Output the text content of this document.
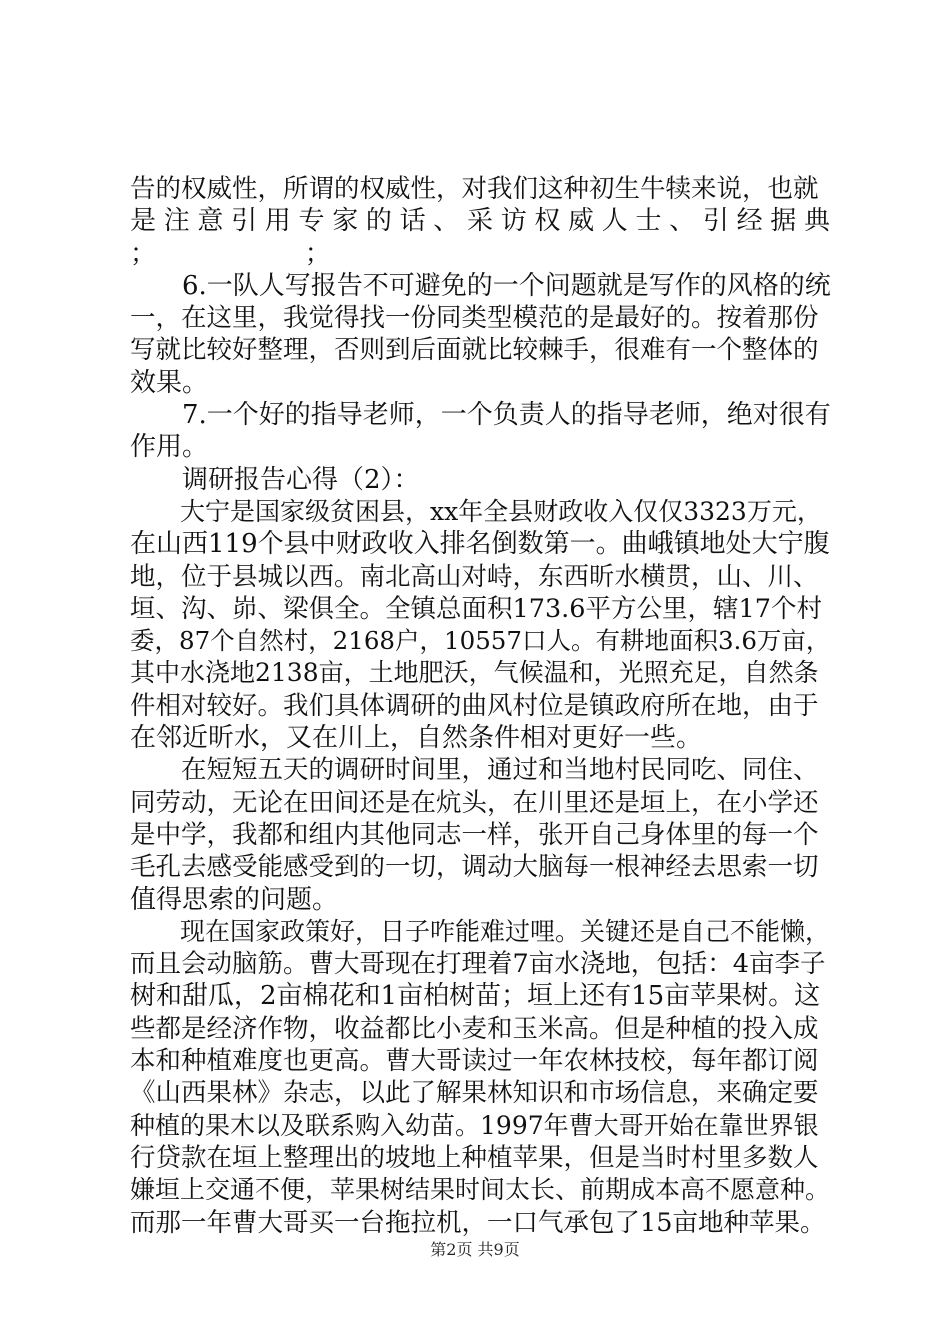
告的权威性，所谓的权威性，对我们这种初生牛犊来说，也就
是注意引用专家的话、采访权威人士、引经据典
；                  ；
　　6.一队人写报告不可避免的一个问题就是写作的风格的统
一，在这里，我觉得找一份同类型模范的是最好的。按着那份
写就比较好整理，否则到后面就比较棘手，很难有一个整体的
效果。
　　7.一个好的指导老师，一个负责人的指导老师，绝对很有
作用。
　　调研报告心得（2）：
　　大宁是国家级贫困县，xx年全县财政收入仅仅3323万元，
在山西119个县中财政收入排名倒数第一。曲峨镇地处大宁腹
地，位于县城以西。南北高山对峙，东西昕水横贯，山、川、
垣、沟、峁、梁俱全。全镇总面积173.6平方公里，辖17个村
委，87个自然村，2168户，10557口人。有耕地面积3.6万亩，
其中水浇地2138亩，土地肥沃，气候温和，光照充足，自然条
件相对较好。我们具体调研的曲风村位是镇政府所在地，由于
在邻近昕水，又在川上，自然条件相对更好一些。
　　在短短五天的调研时间里，通过和当地村民同吃、同住、
同劳动，无论在田间还是在炕头，在川里还是垣上，在小学还
是中学，我都和组内其他同志一样，张开自己身体里的每一个
毛孔去感受能感受到的一切，调动大脑每一根神经去思索一切
值得思索的问题。
　　现在国家政策好，日子咋能难过哩。关键还是自己不能懒，
而且会动脑筋。曹大哥现在打理着7亩水浇地，包括：4亩李子
树和甜瓜，2亩棉花和1亩柏树苗；垣上还有15亩苹果树。这
些都是经济作物，收益都比小麦和玉米高。但是种植的投入成
本和种植难度也更高。曹大哥读过一年农林技校，每年都订阅
《山西果林》杂志，以此了解果林知识和市场信息，来确定要
种植的果木以及联系购入幼苗。1997年曹大哥开始在靠世界银
行贷款在垣上整理出的坡地上种植苹果，但是当时村里多数人
嫌垣上交通不便，苹果树结果时间太长、前期成本高不愿意种。
而那一年曹大哥买一台拖拉机，一口气承包了15亩地种苹果。
第2页 共9页
